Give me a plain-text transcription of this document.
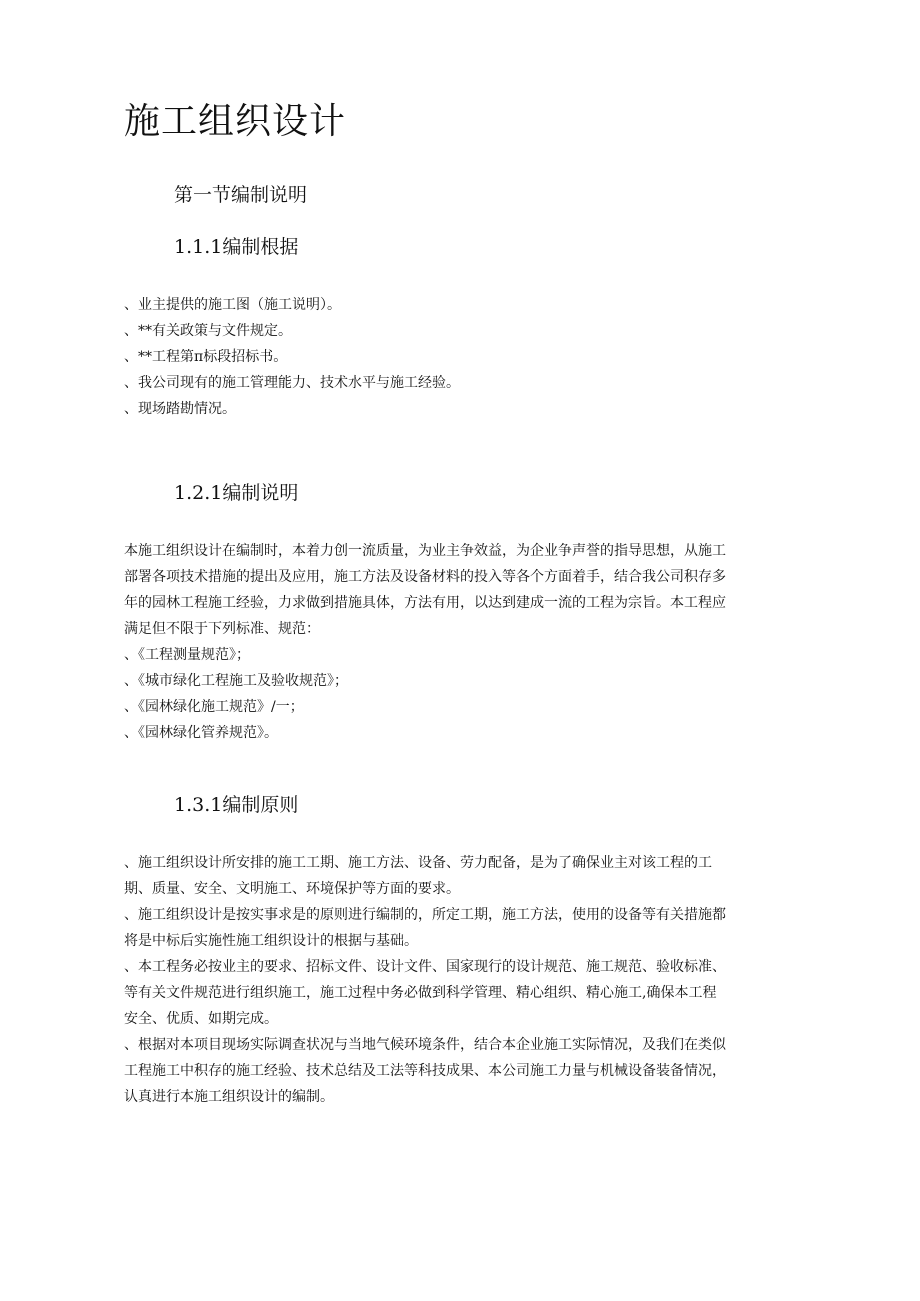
施工组织设计
第一节编制说明
1.1.1编制根据

、业主提供的施工图（施工说明）。

、**有关政策与文件规定。

、**工程第π标段招标书。

、我公司现有的施工管理能力、技术水平与施工经验。

、现场踏勘情况。

1.2.1编制说明

本施工组织设计在编制时，本着力创一流质量，为业主争效益，为企业争声誉的指导思想，从施工

部署各项技术措施的提出及应用，施工方法及设备材料的投入等各个方面着手，结合我公司积存多

年的园林工程施工经验，力求做到措施具体，方法有用，以达到建成一流的工程为宗旨。本工程应

满足但不限于下列标准、规范：

、《工程测量规范》；

、《城市绿化工程施工及验收规范》；

、《园林绿化施工规范》/一；

、《园林绿化管养规范》。

1.3.1编制原则

、施工组织设计所安排的施工工期、施工方法、设备、劳力配备，是为了确保业主对该工程的工

期、质量、安全、文明施工、环境保护等方面的要求。

、施工组织设计是按实事求是的原则进行编制的，所定工期，施工方法，使用的设备等有关措施都

将是中标后实施性施工组织设计的根据与基础。

、本工程务必按业主的要求、招标文件、设计文件、国家现行的设计规范、施工规范、验收标准、

等有关文件规范进行组织施工，施工过程中务必做到科学管理、精心组织、精心施工,确保本工程

安全、优质、如期完成。

、根据对本项目现场实际调查状况与当地气候环境条件，结合本企业施工实际情况，及我们在类似

工程施工中积存的施工经验、技术总结及工法等科技成果、本公司施工力量与机械设备装备情况，

认真进行本施工组织设计的编制。
